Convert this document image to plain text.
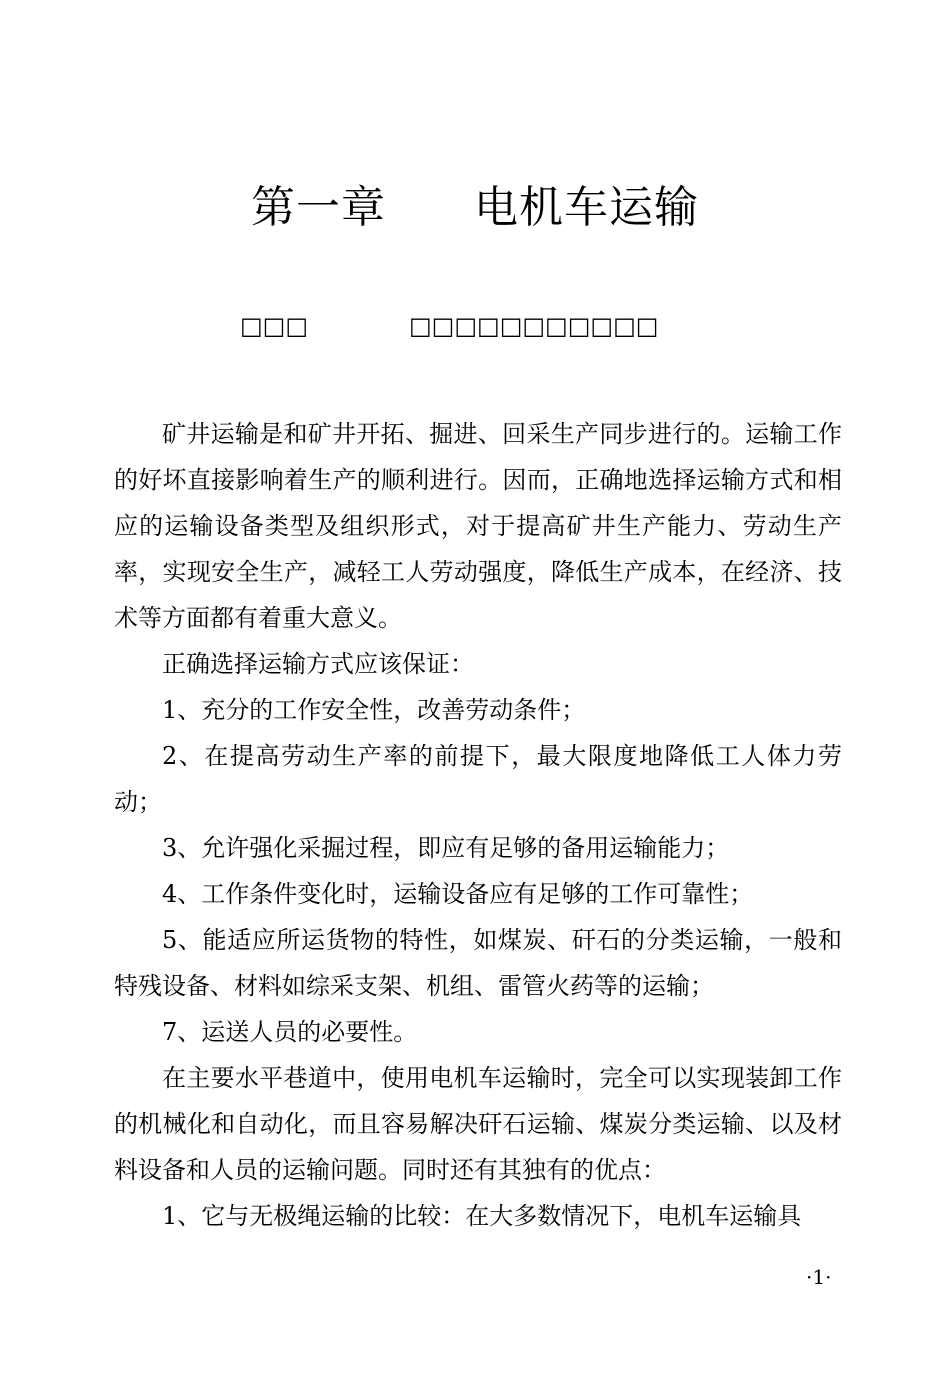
第一章 电机车运输
□□□	□□□□□□□□□□□

矿井运输是和矿井开拓、掘进、回采生产同步进行的。运输工作的好坏直接影响着生产的顺利进行。因而，正确地选择运输方式和相应的运输设备类型及组织形式，对于提高矿井生产能力、劳动生产率，实现安全生产，减轻工人劳动强度，降低生产成本，在经济、技术等方面都有着重大意义。

正确选择运输方式应该保证：

1、充分的工作安全性，改善劳动条件；

2、在提高劳动生产率的前提下，最大限度地降低工人体力劳动；

3、允许强化采掘过程，即应有足够的备用运输能力；

4、工作条件变化时，运输设备应有足够的工作可靠性；

5、能适应所运货物的特性，如煤炭、矸石的分类运输，一般和特残设备、材料如综采支架、机组、雷管火药等的运输；

7、运送人员的必要性。

在主要水平巷道中，使用电机车运输时，完全可以实现装卸工作的机械化和自动化，而且容易解决矸石运输、煤炭分类运输、以及材料设备和人员的运输问题。同时还有其独有的优点：

1、它与无极绳运输的比较：在大多数情况下，电机车运输具

·1·
